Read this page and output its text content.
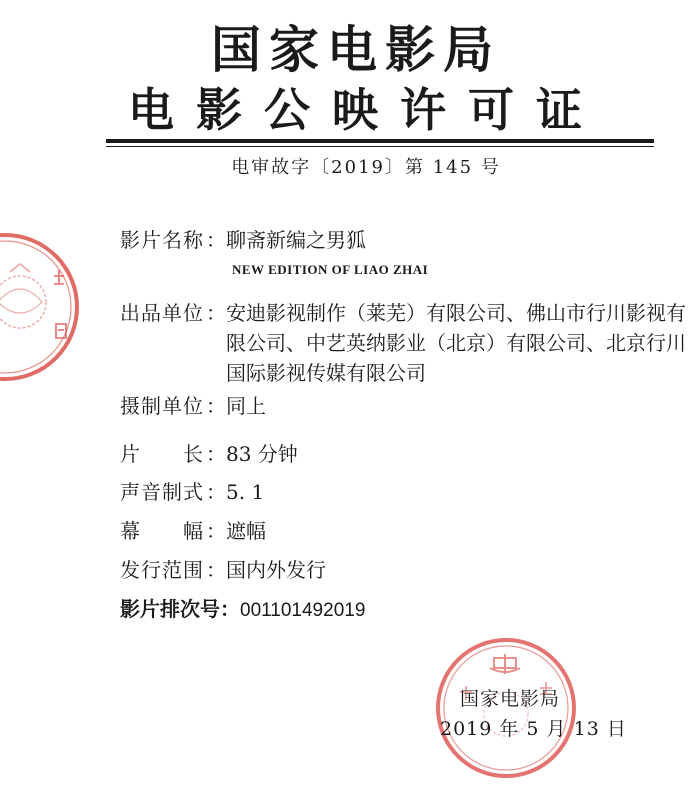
国家电影局
电影公映许可证
电审故字〔2019〕第 145 号
影片名称 ：聊斋新编之男狐
NEW EDITION OF LIAO ZHAI
出品单位 ： 安迪影视制作（莱芜）有限公司、佛山市行川影视有限公司、中艺英纳影业（北京）有限公司、北京行川国际影视传媒有限公司
摄制单位 ：同上
片　　长 ：83 分钟
声音制式 ：5. 1
幕　　幅 ：遮幅
发行范围 ：国内外发行
影片排次号：001101492019
国家电影局
2019 年 5 月 13 日
